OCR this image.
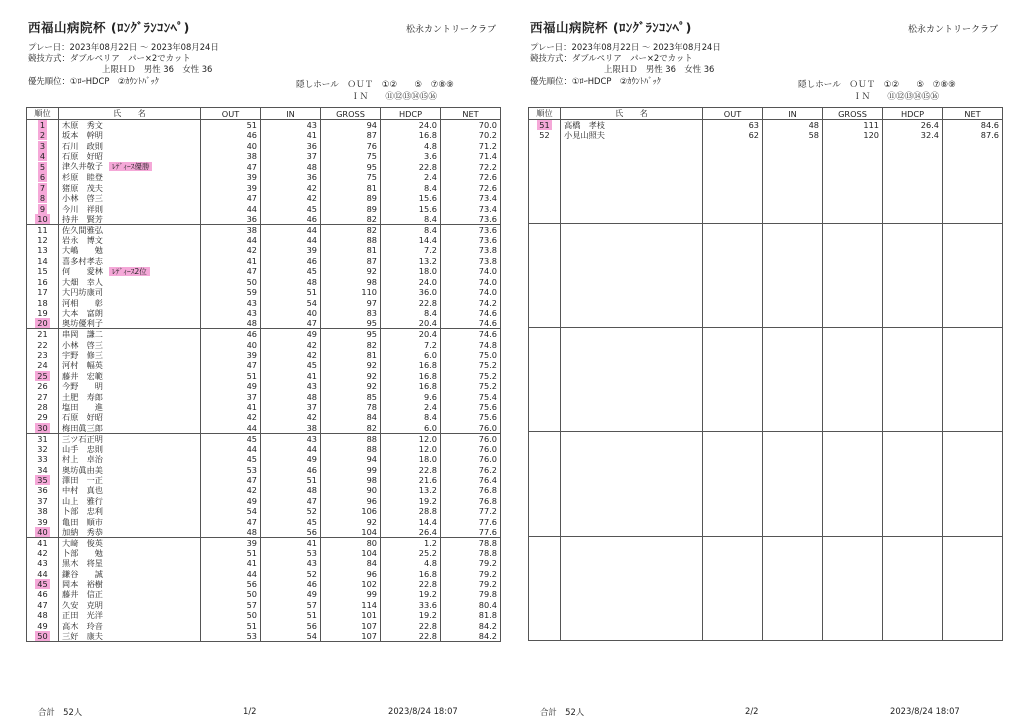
西福山病院杯 (ﾛﾝｸﾞﾗﾝｺﾝﾍﾟ)	松永カントリークラブ
プレー日：2023年08月22日 ～ 2023年08月24日
競技方式：ダブルペリア　パー×2でカット
上限ＨＤ　男性 36　女性 36
優先順位：①ﾛｰHDCP　②ｶｳﾝﾄﾊﾞｯｸ	隠しホール　ＯＵＴ　①②　　⑤　⑦⑧⑨
ＩＮ　　⑪⑫⑬⑭⑮⑯
順位	氏　　名	OUT	IN	GROSS	HDCP	NET
1	木原　秀文	51	43	94	24.0	70.0
2	坂本　幹明	46	41	87	16.8	70.2
3	石川　政則	40	36	76	4.8	71.2
4	石原　好昭	38	37	75	3.6	71.4
5	津久井敬子 ﾚﾃﾞｨｰｽ優勝	47	48	95	22.8	72.2
6	杉原　睦登	39	36	75	2.4	72.6
7	猪原　茂夫	39	42	81	8.4	72.6
8	小林　啓三	47	42	89	15.6	73.4
9	今川　祥則	44	45	89	15.6	73.4
10	持井　賢芳	36	46	82	8.4	73.6
11	佐久間雅弘	38	44	82	8.4	73.6
12	岩永　博文	44	44	88	14.4	73.6
13	大嶋　　勉	42	39	81	7.2	73.8
14	喜多村孝志	41	46	87	13.2	73.8
15	何　　愛林 ﾚﾃﾞｨｰｽ2位	47	45	92	18.0	74.0
16	大畑　幸人	50	48	98	24.0	74.0
17	大円坊康司	59	51	110	36.0	74.0
18	河相　　彰	43	54	97	22.8	74.2
19	大本　富朗	43	40	83	8.4	74.6
20	奥坊優利子	48	47	95	20.4	74.6
21	串岡　謙二	46	49	95	20.4	74.6
22	小林　啓三	40	42	82	7.2	74.8
23	宇野　修三	39	42	81	6.0	75.0
24	河村　幅英	47	45	92	16.8	75.2
25	藤井　宏範	51	41	92	16.8	75.2
26	今野　　明	49	43	92	16.8	75.2
27	土肥　寿郎	37	48	85	9.6	75.4
28	塩田　　進	41	37	78	2.4	75.6
29	石原　好昭	42	42	84	8.4	75.6
30	梅田眞三郎	44	38	82	6.0	76.0
31	三ツ石正明	45	43	88	12.0	76.0
32	山手　忠則	44	44	88	12.0	76.0
33	村上　卓治	45	49	94	18.0	76.0
34	奥坊眞由美	53	46	99	22.8	76.2
35	澤田　一正	47	51	98	21.6	76.4
36	中村　真也	42	48	90	13.2	76.8
37	山上　雅行	49	47	96	19.2	76.8
38	卜部　忠利	54	52	106	28.8	77.2
39	亀田　順市	47	45	92	14.4	77.6
40	加納　秀恭	48	56	104	26.4	77.6
41	大﨑　俊英	39	41	80	1.2	78.8
42	卜部　　勉	51	53	104	25.2	78.8
43	黒木　将星	41	43	84	4.8	79.2
44	鎌谷　　誠	44	52	96	16.8	79.2
45	岡本　裕樹	56	46	102	22.8	79.2
46	藤井　信正	50	49	99	19.2	79.8
47	久安　克明	57	57	114	33.6	80.4
48	正田　光洋	50	51	101	19.2	81.8
49	高木　玲音	51	56	107	22.8	84.2
50	三好　康夫	53	54	107	22.8	84.2
合計　52人	1/2	2023/8/24 18:07
西福山病院杯 (ﾛﾝｸﾞﾗﾝｺﾝﾍﾟ)	松永カントリークラブ
プレー日：2023年08月22日 ～ 2023年08月24日
競技方式：ダブルペリア　パー×2でカット
上限ＨＤ　男性 36　女性 36
優先順位：①ﾛｰHDCP　②ｶｳﾝﾄﾊﾞｯｸ	隠しホール　ＯＵＴ　①②　　⑤　⑦⑧⑨
ＩＮ　　⑪⑫⑬⑭⑮⑯
順位	氏　　名	OUT	IN	GROSS	HDCP	NET
51	高橋　孝枝	63	48	111	26.4	84.6
52	小見山照夫	62	58	120	32.4	87.6

合計　52人	2/2	2023/8/24 18:07
